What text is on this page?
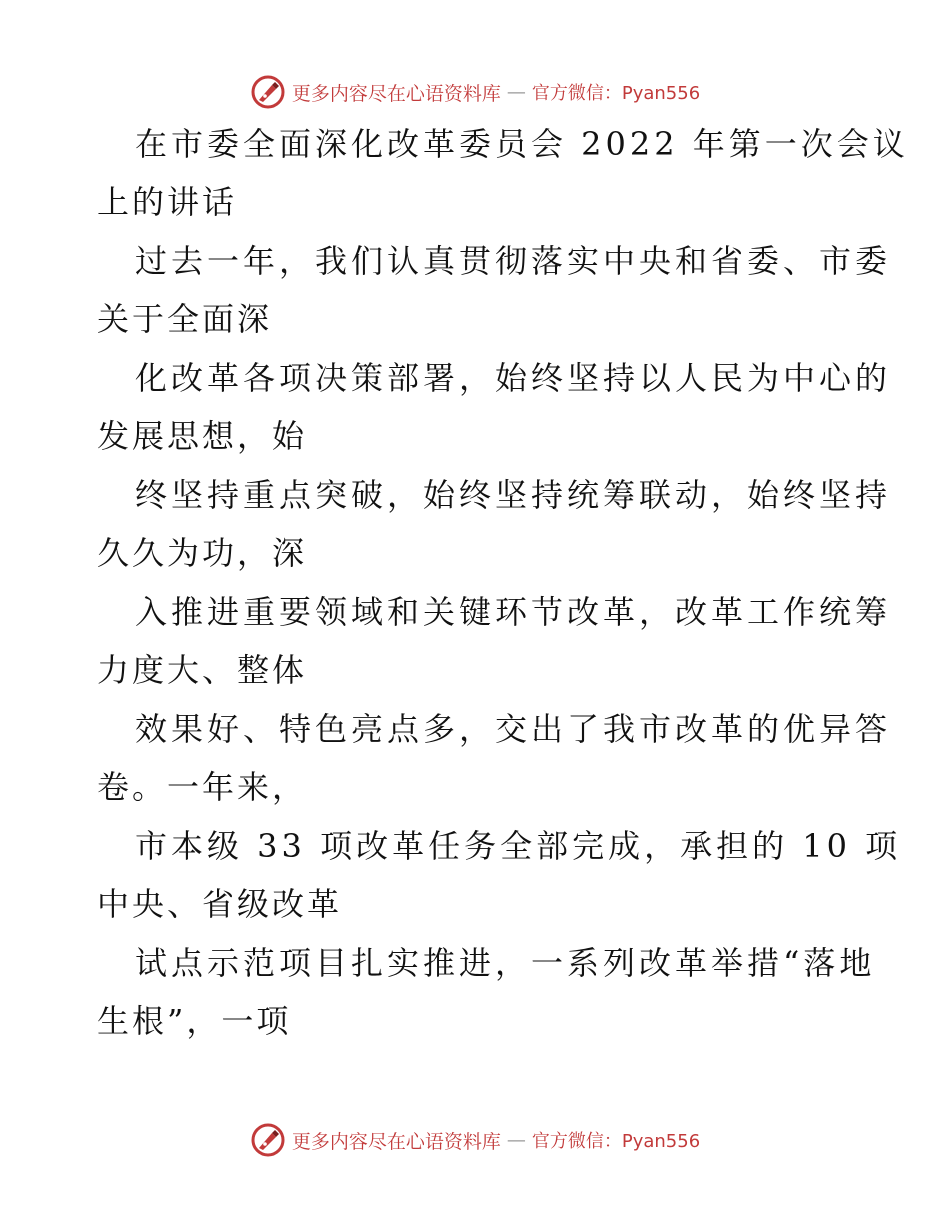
更多内容尽在心语资料库 — 官方微信：Pyan556
在市委全面深化改革委员会 2022 年第一次会议
上的讲话
过去一年，我们认真贯彻落实中央和省委、市委
关于全面深
化改革各项决策部署，始终坚持以人民为中心的
发展思想，始
终坚持重点突破，始终坚持统筹联动，始终坚持
久久为功，深
入推进重要领域和关键环节改革，改革工作统筹
力度大、整体
效果好、特色亮点多，交出了我市改革的优异答
卷。一年来，
市本级 33 项改革任务全部完成，承担的 10 项
中央、省级改革
试点示范项目扎实推进，一系列改革举措“落地
生根”，一项
更多内容尽在心语资料库 — 官方微信：Pyan556
